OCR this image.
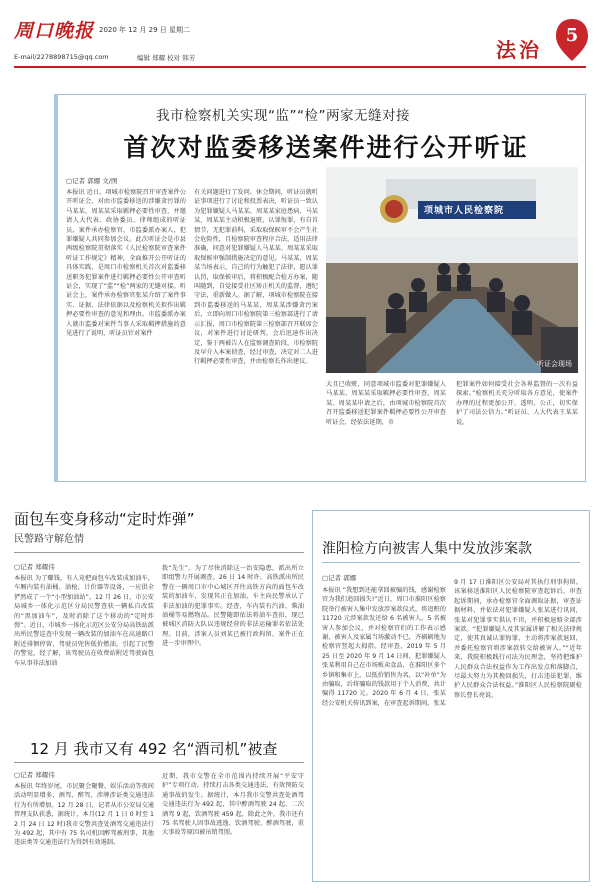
周口晚报 2020 年 12 月 29 日 星期二
E-mail/2278898715@qq.com	编辑 郑耀 校对 韩芳	法治
5
我市检察机关实现“监”“检”两家无缝对接
首次对监委移送案件进行公开听证
▢记者 郭娜 文/图
本报讯 近日，项城市检察院召开审查案件公开听证会，对由市监委移送的涉嫌贪污罪的马某某、周某某采取羁押必要性审查，并邀请人大代表、政协委员、律师组成的听证员，案件承办检察官、市监委派办案人、犯罪嫌疑人共同参加会议。此次听证会是市县两级检察院贯彻落实《人民检察院审查案件听证工作规定》精神，全面推开公开听证的具体实践，是周口市检察机关首次对监委移送职务犯罪案件进行羁押必要性公开审查听证会，实现了“监”“检”两家的无缝对接。听证会上，案件承办检察官张某介绍了案件事实、证据、法律依据以及检察机关拟作出羁押必要性审查的意见和理由。市监委派办案人就市监委对案件当事人采取羁押措施的意见进行了说明，听证员针对案件
有关问题进行了发问。休会期间，听证员就听证事项进行了讨论和投票表决，听证员一致认为犯罪嫌疑人马某某、周某某家庭患病，马某某、周某某主动积极退赃，认罪悔罪，有自首情节，无犯罪前科，采取取保候审不会产生社会危险性，且检察院审查程序合法，适用法律准确，同意对犯罪嫌疑人马某某、周某某采取取保候审强制措施决定的意见。马某某、周某某当场表示，自己的行为触犯了法律，愿认罪认罚，取保候审后，将积极配合检方办案，随叫随到，自觉接受社区矫正机关的监督，遵纪守法，重新做人。据了解，项城市检察院在接到市监委移送的马某某、周某某涉嫌贪污案后，立即向周口市检察院第三检察部进行了请示汇报，周口市检察院第三检察部召开联席会议，对案件进行讨论研判，会后迅速作出决定，鉴于两被告人在监察调查阶段，市检察院及早介入本案侦查，经过审查，决定对二人进行羁押必要性审查，并由检察长作出建议。
项城市人民检察院
听证会现场
大且已收赃，同意项城市监委对犯罪嫌疑人马某某、周某某采取羁押必要性审查，周某某、周某某申请之后，由项城市检察院首次召开监委移送犯罪案件羁押必要性公开审查听证会，经依法延期，市
犯罪案件如何接受社会各界监督的一次有益探索。”检察机关充分听取各方意见，使案件办理的过程更加公开、透明、公正，切实保护了司法公信力。”听证员、人大代表王某某说。
面包车变身移动“定时炸弹”
民警路守解危情
▢记者 郑耀伟
本报讯 为了赚钱，有人竟把面包车改装成加油车，车厢内装有油桶、油枪，计价器等设备，一应俱全俨然成了一个“小型加油站”。12 月 26 日，市公安局城乡一体化示范区分局民警查获一辆私自改装的“黑加油车”，及时消除了这个移动的“定时炸弹”。近日，市城乡一体化示范区公安分局高铁站派出所民警巡查中发现一辆改装的加油车在高速路口附近徘徊停留，驾驶员兜售低价燃油，引起了民警的警觉，经了解，该驾驶员在收费站附近驾驶面包车从事非法加油
拨“先生”。为了尽快消除这一治安隐患，派出所立即组警力开展调查。26 日 14 时许，高铁派出所民警在一辆周口市中心城区开往高铁方向的面包车改装的加油车，发现其正在加油，车主向民警承认了非法加油的犯罪事实。经查，车内装有汽油、柴油油桶等易燃物品。民警随即依法将油车查扣，现已被城区消防大队以违规经营的非法运输罪名依法处理。目前，涉案人员刘某已被行政拘留，案件正在进一步审理中。
淮阳检方向被害人集中发放涉案款
▢记者 郭娜
本报讯 “我想到还能拿回被骗的钱，感谢检察官为我们追回损失!”近日，周口市淮阳区检察院举行被害人集中发放涉案款仪式，将追赃的 11720 元涉案款发还给 6 名被害人。5 名被害人参加会议，并对检察官们的工作表示感谢，被害人及家属当场激动不已，齐刷刷地为检察官竖起大拇指。经审查，2019 年 5 月 25 日至 2020 年 9 月 14 日间，犯罪嫌疑人张某利用自己在市场贩卖食品，在淮阳区多个乡镇和集市上，以低价销售为名，以“补单”为由骗取，后将骗取的钱款用于个人消费，共计骗得 11720 元。2020 年 6 月 4 日，张某经公安机关传讯到案，在审查起诉期间，张某
9 月 17 日淮阳区公安局对其执行刑事拘留。该案移送淮阳区人民检察院审查起诉后，审查起诉期间，承办检察官全面调取证据，审查证据材料，并依法对犯罪嫌疑人张某进行讯问，张某对犯罪事实供认不讳，并积极退赔全部涉案款。“犯罪嫌疑人及其家属讲解了相关法律规定，使其真诚认罪悔罪，主动将涉案款退回，并委托检察官将涉案款转交给被害人。”“近年来，我院积极践行司法为民理念，坚持把维护人民群众合法权益作为工作出发点和落脚点，尽最大努力为其挽回损失，打击违法犯罪，维护人民群众合法权益。”淮阳区人民检察院副检察长曹长亮说。
12 月 我市又有 492 名“酒司机”被查
▢记者 郑耀伟
本报讯 年终岁尾，市民聚会聚餐、娱乐活动等夜间活动明显增多，酒驾、醉驾、涉牌涉证类交通违法行为有所增加。12 月 28 日，记者从市公安局交通管理支队获悉，据统计，本月(12 月 1 日 0 时至 12 月 24 日 12 时)我市交警共查处酒驾交通违法行为 492 起，其中有 75 名司机因醉驾被刑事，其他违法类等交通违法行为得到有效遏制。
近期，我市交警在全市范围内持续开展“平安守护”专项行动，持续打击各类交通违法，有效预防交通事故的发生。据统计，本月我市交警共查处酒驾交通违法行为 492 起，其中醉酒驾驶 24 起、二次酒驾 9 起，饮酒驾驶 459 起，除此之外，我市还有 75 名驾驶人因事故逃逸、饮酒驾驶、醉酒驾驶，重大事故等原因被吊销驾照。
